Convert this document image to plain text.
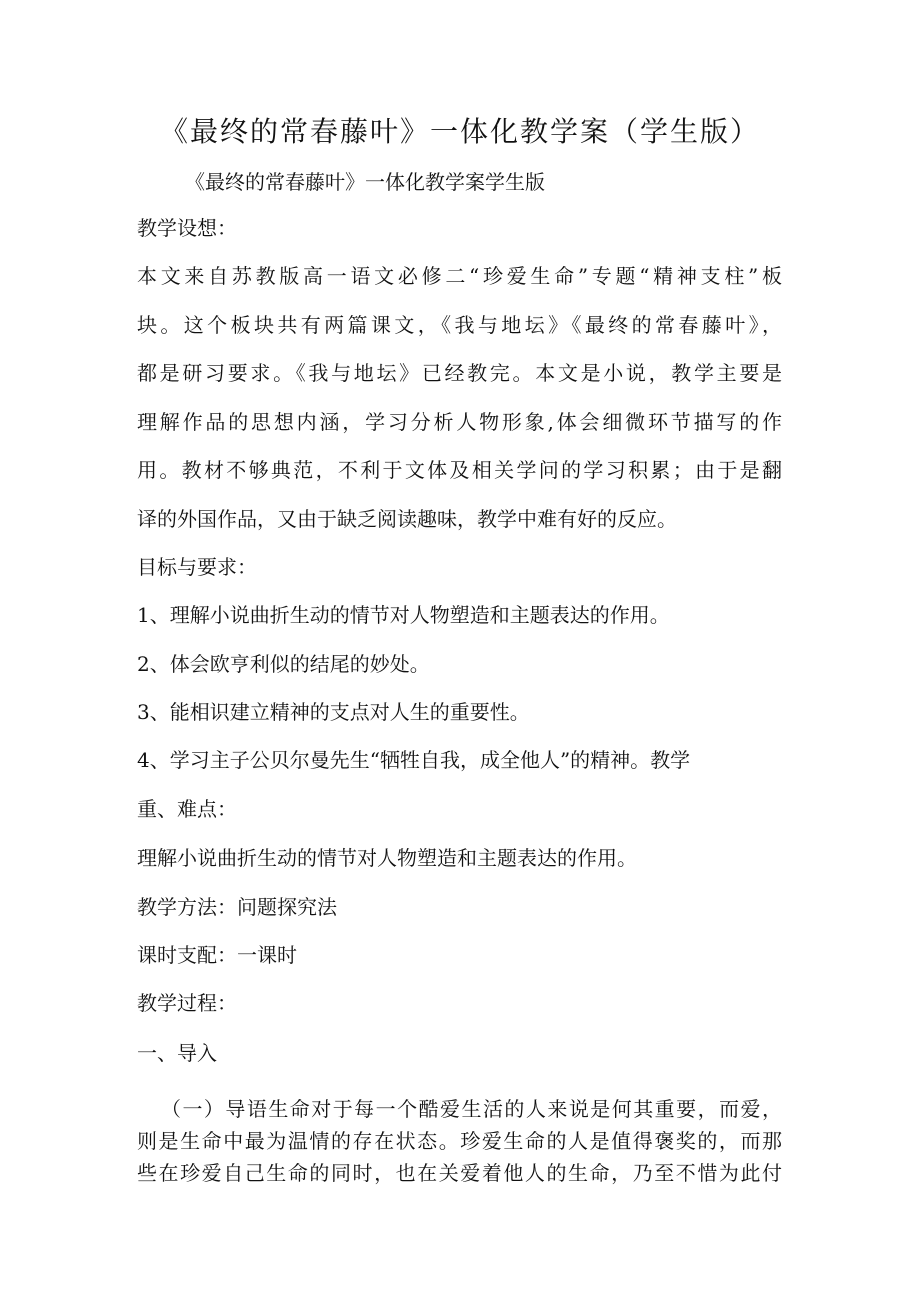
《最终的常春藤叶》一体化教学案（学生版）
《最终的常春藤叶》一体化教学案学生版
教学设想：
本文来自苏教版高一语文必修二“珍爱生命”专题“精神支柱”板
块。这个板块共有两篇课文，《我与地坛》《最终的常春藤叶》，
都是研习要求。《我与地坛》已经教完。本文是小说，教学主要是
理解作品的思想内涵，学习分析人物形象,体会细微环节描写的作
用。教材不够典范，不利于文体及相关学问的学习积累；由于是翻
译的外国作品，又由于缺乏阅读趣味，教学中难有好的反应。
目标与要求：
1、理解小说曲折生动的情节对人物塑造和主题表达的作用。
2、体会欧亨利似的结尾的妙处。
3、能相识建立精神的支点对人生的重要性。
4、学习主子公贝尔曼先生“牺牲自我，成全他人”的精神。教学
重、难点：
理解小说曲折生动的情节对人物塑造和主题表达的作用。
教学方法：问题探究法
课时支配：一课时
教学过程：
一、导入
（一）导语生命对于每一个酷爱生活的人来说是何其重要，而爱，
则是生命中最为温情的存在状态。珍爱生命的人是值得褒奖的，而那
些在珍爱自己生命的同时，也在关爱着他人的生命，乃至不惜为此付
